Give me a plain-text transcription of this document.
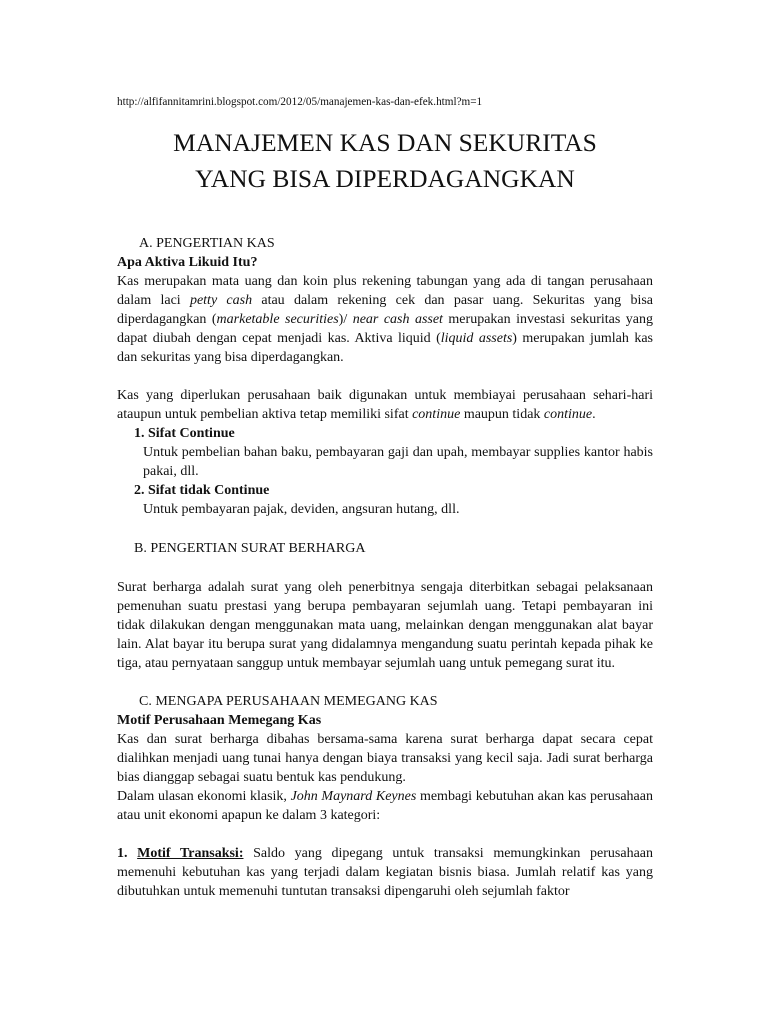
http://alfifannitamrini.blogspot.com/2012/05/manajemen-kas-dan-efek.html?m=1

MANAJEMEN KAS DAN SEKURITAS
YANG BISA DIPERDAGANGKAN

A. PENGERTIAN KAS

Apa Aktiva Likuid Itu?

Kas merupakan mata uang dan koin plus rekening tabungan yang ada di tangan perusahaan dalam laci petty cash atau dalam rekening cek dan pasar uang. Sekuritas yang bisa diperdagangkan (marketable securities)/ near cash asset merupakan investasi sekuritas yang dapat diubah dengan cepat menjadi kas. Aktiva liquid (liquid assets) merupakan jumlah kas dan sekuritas yang bisa diperdagangkan.

Kas yang diperlukan perusahaan baik digunakan untuk membiayai perusahaan sehari-hari ataupun untuk pembelian aktiva tetap memiliki sifat continue maupun tidak continue.

1. Sifat Continue

Untuk pembelian bahan baku, pembayaran gaji dan upah, membayar supplies kantor habis pakai, dll.

2. Sifat tidak Continue

Untuk pembayaran pajak, deviden, angsuran hutang, dll.

B. PENGERTIAN SURAT BERHARGA

Surat berharga adalah surat yang oleh penerbitnya sengaja diterbitkan sebagai pelaksanaan pemenuhan suatu prestasi yang berupa pembayaran sejumlah uang. Tetapi pembayaran ini tidak dilakukan dengan menggunakan mata uang, melainkan dengan menggunakan alat bayar lain. Alat bayar itu berupa surat yang didalamnya mengandung suatu perintah kepada pihak ke tiga, atau pernyataan sanggup untuk membayar sejumlah uang untuk pemegang surat itu.

C. MENGAPA PERUSAHAAN MEMEGANG KAS

Motif Perusahaan Memegang Kas

Kas dan surat berharga dibahas bersama-sama karena surat berharga dapat secara cepat dialihkan menjadi uang tunai hanya dengan biaya transaksi yang kecil saja. Jadi surat berharga bias dianggap sebagai suatu bentuk kas pendukung.

Dalam ulasan ekonomi klasik, John Maynard Keynes membagi kebutuhan akan kas perusahaan atau unit ekonomi apapun ke dalam 3 kategori:

1. Motif Transaksi: Saldo yang dipegang untuk transaksi memungkinkan perusahaan memenuhi kebutuhan kas yang terjadi dalam kegiatan bisnis biasa. Jumlah relatif kas yang dibutuhkan untuk memenuhi tuntutan transaksi dipengaruhi oleh sejumlah faktor
